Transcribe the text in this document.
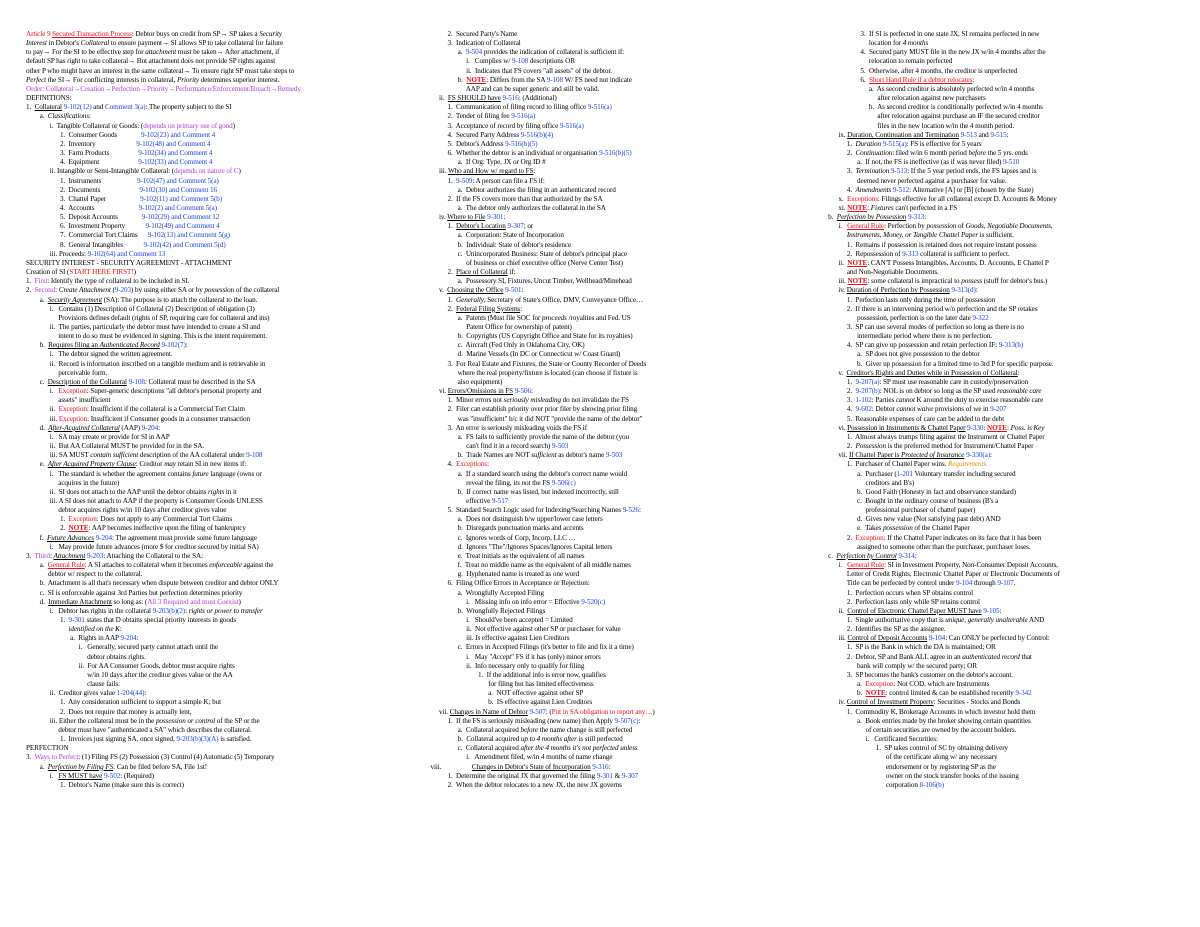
Article 9 Secured Transaction Process: Debtor buys on credit from SP→ SP takes a Security
Interest in Debtor's Collateral to ensure payment→ SI allows SP to take collateral for failure
to pay→ For the SI to be effective step for attachment must be taken→ After attachment, if
default SP has right to take collateral→ But attachment does not provide SP rights against
other P who might have an interest in the same collateral→ To ensure right SP must take steps to
Perfect the SI→ For conflicting interests in collateral, Priority determines superior interest.
Order: Collateral→Creation→Perfection→Priority→Performance/Enforcement/Breach→Remedy
DEFINITIONS:
1.  Collateral 9-102(12) and Comment 3(a): The property subject to the SI
a.  Classifications:
i.  Tangible Collateral or Goods: (depends on primary use of good)
1.  Consumer Goods              9-102(23) and Comment 4
2.  Inventory                        9-102(48) and Comment 4
3.  Farm Products                 9-102(34) and Comment 4
4.  Equipment                       9-102(33) and Comment 4
ii. Intangible or Semi-Intangible Collateral: (depends on nature of C)
1.  Instruments                     9-102(47) and Comment 5(a)
2.  Documents                       9-102(30) and Comment 16
3.  Chattel Paper                    9-102(11) and Comment 5(b)
4.  Accounts                          9-102(2) and Comment 5(a)
5.  Deposit Accounts              9-102(29) and Comment 12
6.  Investment Property            9-102(49) and Comment 4
7.  Commercial Tort Claims      9-102(13) and Comment 5(g)
8.  General Intangibles            9-102(42) and Comment 5(d)
iii. Proceeds: 9-102(64) and Comment 13
SECURITY INTEREST - SECURITY AGREEMENT - ATTACHMENT
Creation of SI (START HERE FIRST!)
1.  First: Identify the type of collateral to be included in SI.
2.  Second: Create Attachment (9-203) by using either SA or by possession of the collateral
a.  Security Agreement (SA): The purpose is to attach the collateral to the loan.
i.   Contains (1) Description of Collateral (2) Description of obligation (3)
Provisions defines default (rights of SP, requiring care for collateral and ins)
ii.  The parties, particularly the debtor must have intended to create a SI and
intent to do so must be evidenced in signing. This is the intent requirement.
b.  Requires filing an Authenticated Record 9-102(7):
i.   The debtor signed the written agreement.
ii.  Record is information inscribed on a tangible medium and is retrievable in
perceivable form.
c.  Description of the Collateral 9-108: Collateral must be described in the SA
i.   Exception: Super-generic descriptions "all debtor's personal property and
assets" insufficient
ii.  Exception: Insufficient if the collateral is a Commercial Tort Claim
iii. Exception: Insufficient if Consumer goods in a consumer transaction
d.  After-Acquired Collateral (AAP) 9-204:
i.   SA may create or provide for SI in AAP
ii.  But AA Collateral MUST be provided for in the SA.
iii. SA MUST contain sufficient description of the AA collateral under 9-108
e.  After Acquired Property Clause: Creditor may retain SI in new items if:
i.   The standard is whether the agreement contains future language (owns or
acquires in the future)
ii.  SI does not attach to the AAP until the debtor obtains rights in it
iii. A SI does not attach to AAP if the property is Consumer Goods UNLESS
debtor acquires rights w/in 10 days after creditor gives value
1.  Exception: Does not apply to any Commercial Tort Claims
2.  NOTE: AAP becomes ineffective upon the filing of bankruptcy
f.  Future Advances 9-204: The agreement must provide some future language
i.   May provide future advances (more $ for creditor secured by initial SA)
3.  Third: Attachment 9-203: Attaching the Collateral to the SA:
a.  General Rule: A SI attaches to collateral when it becomes enforceable against the
debtor w/ respect to the collateral.
b.  Attachment is all that's necessary when dispute between creditor and debtor ONLY
c.  SI is enforceable against 3rd Parties but perfection determines priority
d.  Immediate Attachment so long as: (All 3 Required and must Coexist)
i.   Debtor has rights in the collateral 9-203(b)(2): rights or power to transfer
1.  9-301 states that D obtains special priority interests in goods
identified on the K:
a.  Rights in AAP 9-204:
i.   Generally, secured party cannot attach until the
debtor obtains rights.
ii.  For AA Consumer Goods, debtor must acquire rights
w/in 10 days after the creditor gives value or the AA
clause fails.
ii.  Creditor gives value 1-204(44):
1.  Any consideration sufficient to support a simple K; but
2.  Does not require that money is actually lent,
iii. Either the collateral must be in the possession or control of the SP or the
debtor must have "authenticated a SA" which describes the collateral.
1.  Invoices just signing SA, once signed, 9-203(b)(3)(A) is satisfied.
PERFECTION
3.  Ways to Perfect: (1) Filing FS (2) Possession (3) Control (4) Automatic (5) Temporary
a.  Perfection by Filing FS: Can be filed before SA, File 1st!
i.   FS MUST have 9-502: (Required)
1.  Debtor's Name (make sure this is correct)
2.  Secured Party's Name
3.  Indication of Collateral
a.  9-504 provides the indication of collateral is sufficient if:
i.   Complies w/ 9-108 descriptions OR
ii.  Indicates that FS covers "all assets" of the debtor.
b.  NOTE: Differs from the SA 9-108 W/ FS need not indicate
AAP and can be super generic and still be valid.
ii.  FS SHOULD have 9-516: (Additional)
1.  Communication of filing record to filing office 9-516(a)
2.  Tender of filing fee 9-516(a)
3.  Acceptance of record by filing office 9-516(a)
4.  Secured Party Address 9-516(b)(4)
5.  Debtor's Address 9-516(b)(5)
6.  Whether the debtor is an individual or organisation 9-516(b)(5)
a.  If Org: Type, JX or Org ID #
iii. Who and How w/ regard to FS:
1.  9-509: A person can file a FS if:
a.  Debtor authorizes the filing in an authenticated record
2.  If the FS covers more than that authorized by the SA
a.  The debtor only authorizes the collateral in the SA
iv. Where to File 9-301:
1.  Debtor's Location 9-307; or
a.  Corporation: State of Incorporation
b.  Individual: State of debtor's residence
c.  Unincorporated Business: State of debtor's principal place
of business or chief executive office (Nerve Center Test)
2.  Place of Collateral if:
a.  Possessory SI, Fixtures, Uncut Timber, Wellhead/Minehead
v.  Choosing the Office 9-501:
1.  Generally, Secretary of State's Office, DMV, Conveyance Office…
2.  Federal Filing Systems:
a.  Patents (Must file SOC for proceeds /royalties and Fed. US
Patent Office for ownership of patent)
b.  Copyrights (US Copyright Office and State for its royalties)
c.  Aircraft (Fed Only in Oklahoma City, OK)
d.  Marine Vessels (In DC or Connecticut w/ Coast Guard)
3.  For Real Estate and Fixtures, the State or County Recorder of Deeds
where the real property/fixture is located (can choose if fixture is
also equipment)
vi. Errors/Omissions in FS 9-506:
1.  Minor errors not seriously misleading do not invalidate the FS
2.  Filer can establish priority over prior filer by showing prior filing
was "insufficient" b/c it did NOT "provide the name of the debtor"
3.  An error is seriously misleading voids the FS if
a.  FS fails to sufficiently provide the name of the debtor (you
can't find it in a record search) 9-503
b.  Trade Names are NOT sufficient as debtor's name 9-503
4.  Exceptions:
a.  If a standard search using the debtor's correct name would
reveal the filing, its not the FS 9-506(c)
b.  If correct name was listed, but indexed incorrectly, still
effective 9-517
5.  Standard Search Logic used for Indexing/Searching Names 9-526:
a.  Does not distinguish b/w upper/lower case letters
b.  Disregards punctuation marks and accents
c.  Ignores words of Corp, Incorp, LLC …
d.  Ignores "The"/Ignores Spaces/Ignores Capital letters
e.  Treat initials as the equivalent of all names
f.  Treat no middle name as the equivalent of all middle names
g.  Hyphenated name is treated as one word
6.  Filing Office Errors in Acceptance or Rejection:
a.  Wrongfully Accepted Filing
i.   Missing info on info error = Effective 9-520(c)
b.  Wrongfully Rejected Filings
i.   Should've been accepted = Limited
ii.  Not effective against other SP or purchaser for value
iii. Is effective against Lien Creditors
c.  Errors in Accepted Filings (it's better to file and fix it a time)
i.   May "Accept" FS if it has (only) minor errors
ii.  Info necessary only to qualify for filing
1.  If the additional info is error now, qualifies
for filing but has limited effectiveness
a.  NOT effective against other SP
b.  IS effective against Lien Creditors
vii. Changes in Name of Debtor 9-507: (Put in SA obligation to report any…)
1.  If the FS is seriously misleading (new name) then Apply 9-507(c):
a.  Collateral acquired before the name change is still perfected
b.  Collateral acquired up to 4 months after is still perfected
c.  Collateral acquired after the 4 months it's not perfected unless
i.   Amendment filed, w/in 4 months of name change
viii.                  Changes in Debtor's State of Incorporation 9-316:
1.  Determine the original JX that governed the filing 9-301 & 9-307
2.  When the debtor relocates to a new JX, the new JX governs
3.  If SI is perfected in one state JX, SI remains perfected in new
location for 4 months
4.  Secured party MUST file in the new JX w/in 4 months after the
relocation to remain perfected
5.  Otherwise, after 4 months, the creditor is unperfected
6.  Short Hand Rule if a debtor relocates:
a.  As second creditor is absolutely perfected w/in 4 months
after relocation against new purchasers
b.  As second creditor is conditionally perfected w/in 4 months
after relocation against purchase an IF the secured creditor
files in the new location w/in the 4 month period.
ix. Duration, Continuation and Termination 9-513 and 9-515:
1.  Duration 9-515(a): FS is effective for 5 years
2.  Continuation: filed w/in 6 month period before the 5 yrs. ends
a.  If not, the FS is ineffective (as if was never filed) 9-510
3.  Termination 9-513: If the 5 year period ends, the FS lapses and is
deemed never perfected against a purchaser for value.
4.  Amendments 9-512: Alternative [A] or [B] (chosen by the State)
x.  Exceptions: Filings effective for all collateral except D. Accounts & Money
xi. NOTE: Fixtures can't perfected in a FS
b.  Perfection by Possession 9-313:
i.   General Rule: Perfection by possession of Goods, Negotiable Documents,
Instruments, Money, or Tangible Chattel Paper is sufficient.
1.  Remains if possession is retained does not require instant possess
2.  Repossession of 9-313 collateral is sufficient to perfect.
ii.  NOTE: CAN'T Possess Intangibles, Accounts, D. Accounts, E Chattel P
and Non-Negotiable Documents.
iii. NOTE: some collateral is impractical to possess (stuff for debtor's bus.)
iv. Duration of Perfection by Possession 9-313(d):
1.  Perfection lasts only during the time of possession
2.  If there is an intervening period w/o perfection and the SP retakes
possession, perfection is on the later date 9-322
3.  SP can use several modes of perfection so long as there is no
intermediate period where there is no perfection.
4.  SP can give up possession and retain perfection IF: 9-313(h)
a.  SP does not give possession to the debtor
b.  Giver up possession for a limited time to 3rd P for specific purpose.
v.  Creditor's Rights and Duties while in Possession of Collateral:
1.  9-207(a): SP must use reasonable care in custody/preservation
2.  9-207(b): NOL is on debtor so long as the SP used reasonable care
3.  1-102: Parties cannot K around the duty to exercise reasonable care
4.  9-602: Debtor cannot waive provisions of we in 9-207
5.  Reasonable expenses of care can be added to the debt
vi. Possession in Instruments & Chattel Paper 9-330: NOTE: Poss. is Key
1.  Almost always trumps filing against the Instrument or Chattel Paper
2.  Possession is the preferred method for Instrument/Chattel Paper
vii. If Chattel Paper is Protected of Insurance 9-330(a):
1.  Purchaser of Chattel Paper wins. Requirements
a.  Purchaser (1-201 Voluntary transfer including secured
creditors and B's)
b.  Good Faith (Honesty in fact and observance standard)
c.  Bought in the ordinary course of business (B's a
professional purchaser of chattel paper)
d.  Gives new value (Not satisfying past debt) AND
e.  Takes possession of the Chattel Paper
2.  Exception: If the Chattel Paper indicates on its face that it has been
assigned to someone other than the purchaser, purchaser loses.
c.  Perfection by Control 9-314:
i.   General Rule: SI in Investment Property, Non-Consumer Deposit Accounts,
Letter of Credit Rights, Electronic Chattel Paper or Electronic Documents of
Title can be perfected by control under 9-104 through 9-107.
1.  Perfection occurs when SP obtains control
2.  Perfection lasts only while SP retains control
ii.  Control of Electronic Chattel Paper MUST have 9-105:
1.  Single authoritative copy that is unique, generally unalterable AND
2.  Identifies the SP as the assignee.
iii. Control of Deposit Accounts 9-104: Can ONLY be perfected by Control:
1.  SP is the Bank in which the DA is maintained; OR
2.  Debtor, SP and Bank ALL agree in an authenticated record that
bank will comply w/ the secured party; OR
3.  SP becomes the bank's customer on the debtor's account.
a.  Exception: Not COD, which are Instruments
b.  NOTE: control limited & can be established recently 9-342
iv. Control of Investment Property: Securities - Stocks and Bonds
1.  Commodity K, Brokerage Accounts in which investor hold them
a.  Book entries made by the broker showing certain quantities
of certain securities are owned by the account holders.
i.   Certificated Securities:
1.  SP takes control of SC by obtaining delivery
of the certificate along w/ any necessary
endorsement or by registering SP as the
owner on the stock transfer books of the issuing
corporation 8-106(b)
